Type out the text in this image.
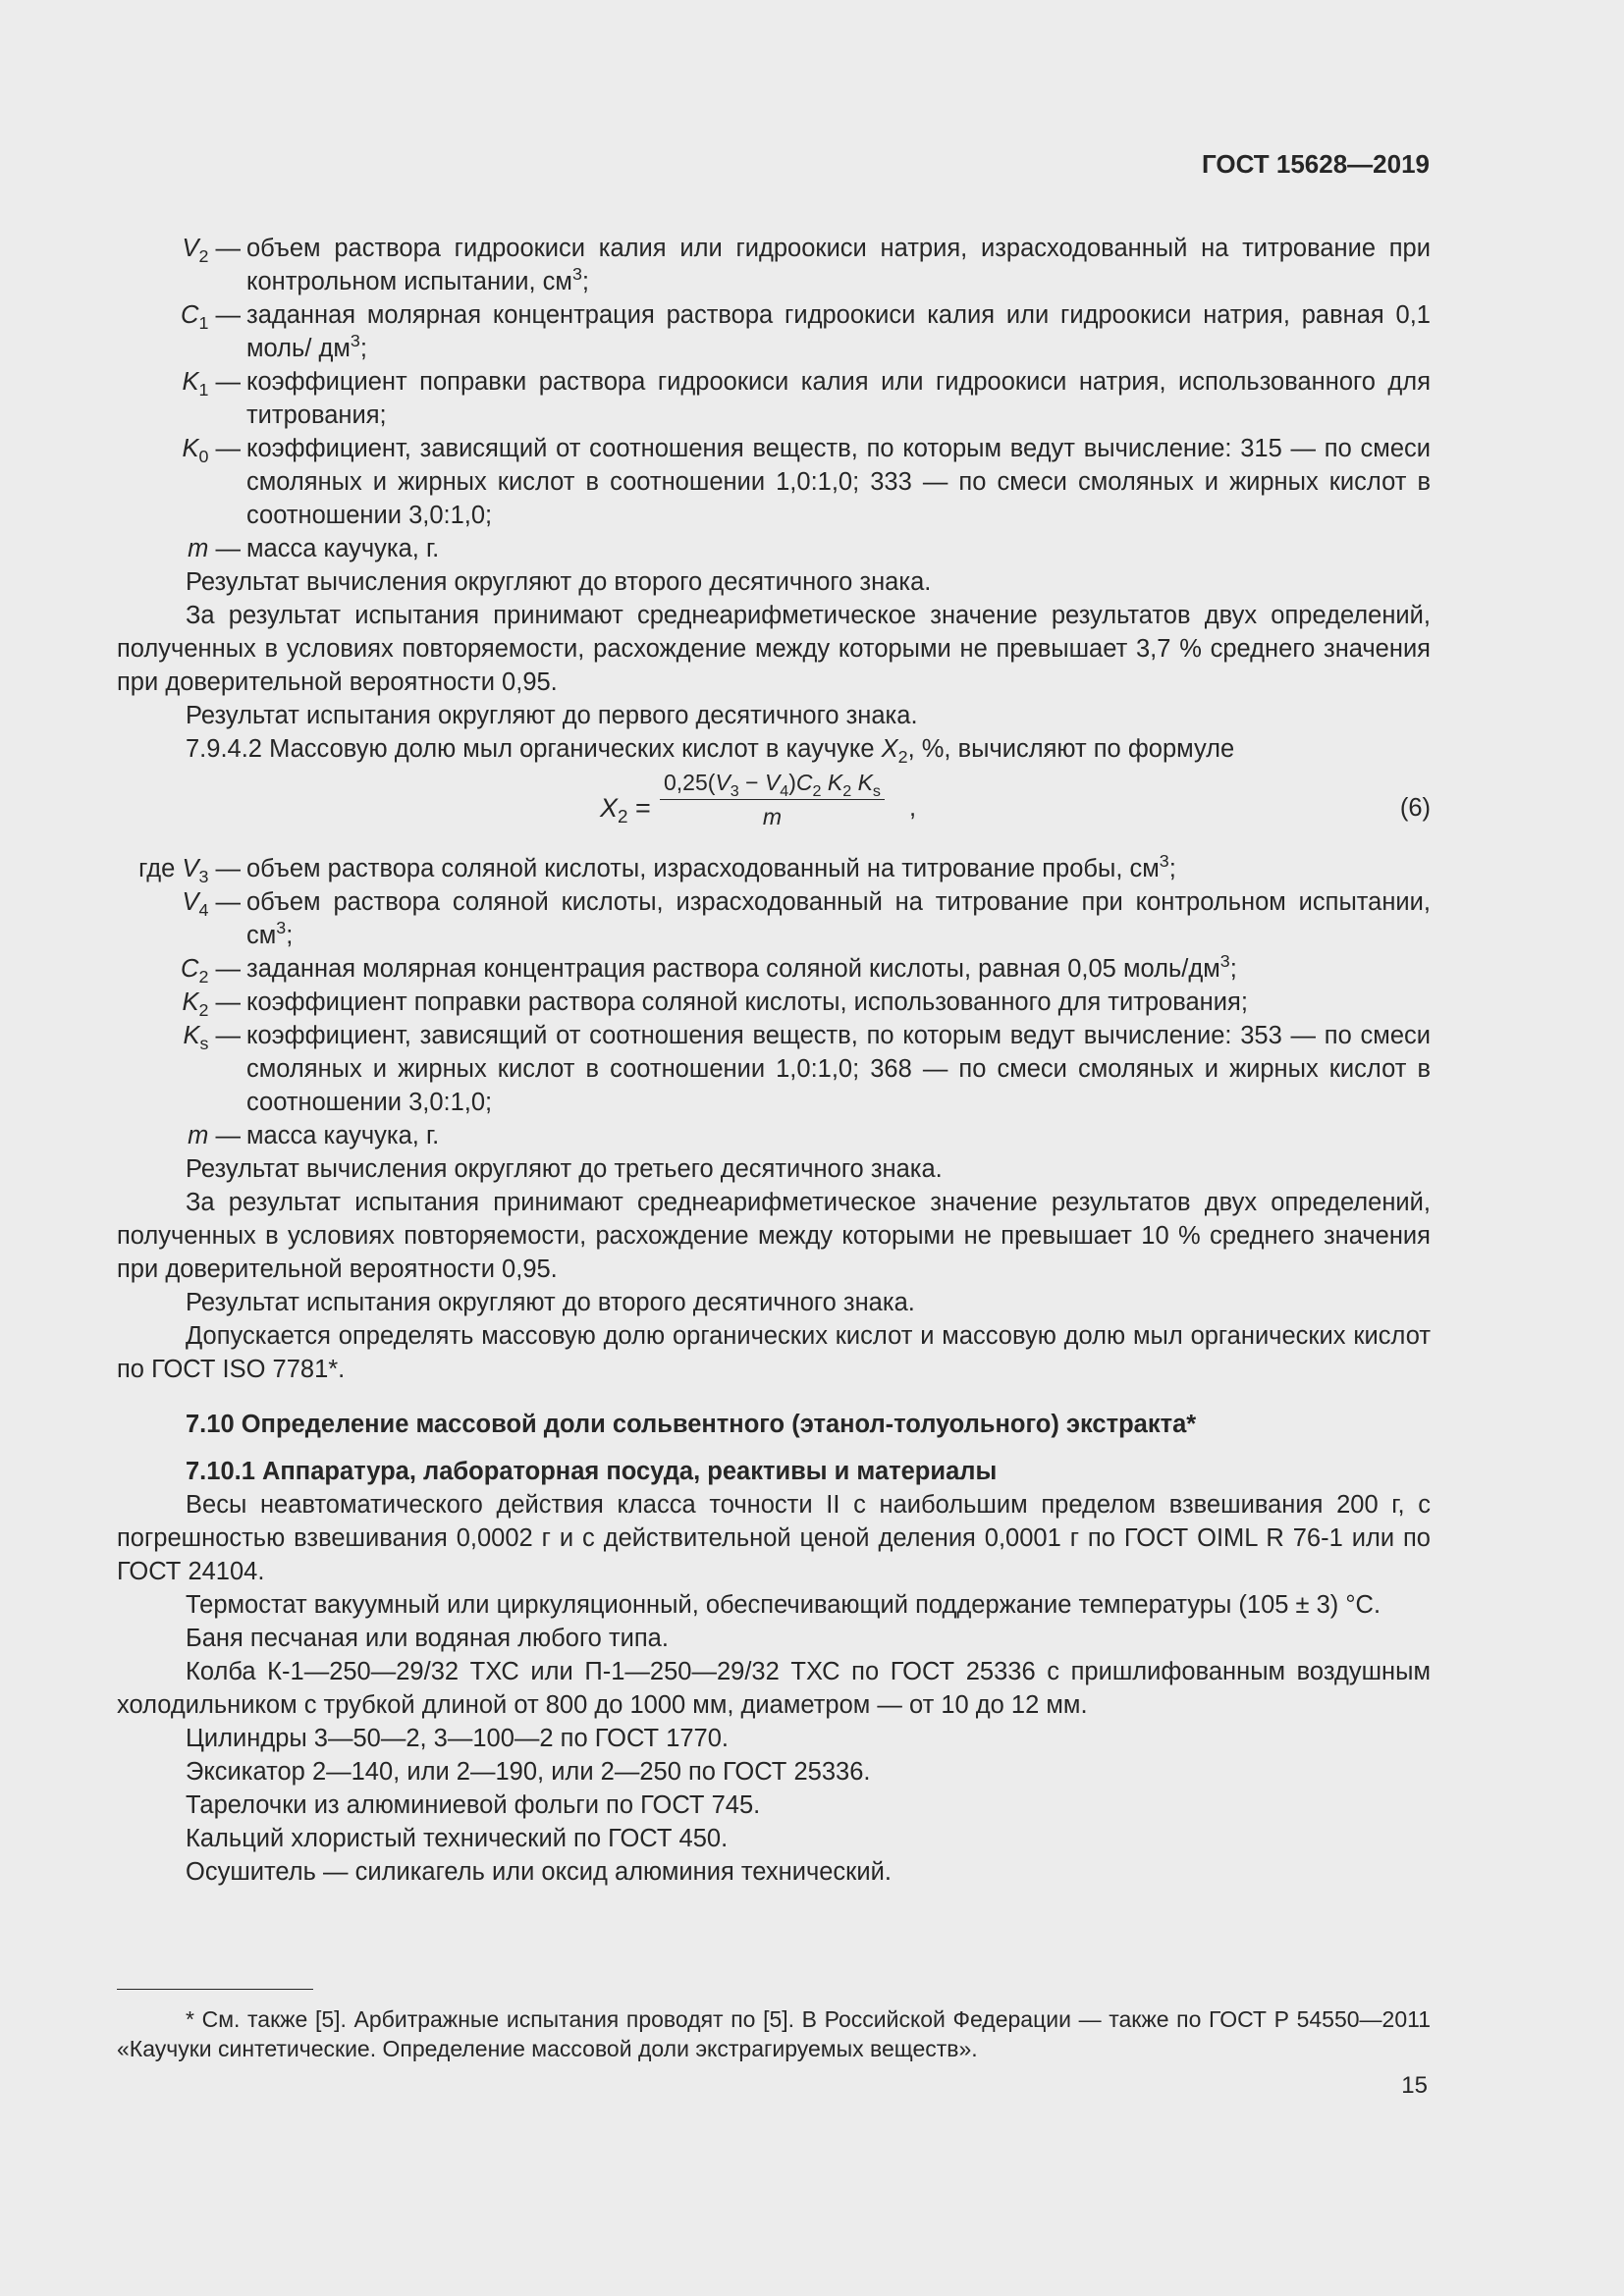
ГОСТ 15628—2019
$V_2$ — объем раствора гидроокиси калия или гидроокиси натрия, израсходованный на титрование при контрольном испытании, $см^3$;
$C_1$ — заданная молярная концентрация раствора гидроокиси калия или гидроокиси натрия, равная 0,1 моль/ $дм^3$;
$K_1$ — коэффициент поправки раствора гидроокиси калия или гидроокиси натрия, использованного для титрования;
$K_0$ — коэффициент, зависящий от соотношения веществ, по которым ведут вычисление: 315 — по смеси смоляных и жирных кислот в соотношении 1,0:1,0; 333 — по смеси смоляных и жирных кислот в соотношении 3,0:1,0;
m — масса каучука, г.
Результат вычисления округляют до второго десятичного знака.
За результат испытания принимают среднеарифметическое значение результатов двух определений, полученных в условиях повторяемости, расхождение между которыми не превышает 3,7 % среднего значения при доверительной вероятности 0,95.
Результат испытания округляют до первого десятичного знака.
7.9.4.2 Массовую долю мыл органических кислот в каучуке $X_2$, %, вычисляют по формуле
$X_2 = \frac{0,25(V_3 - V_4)C_2 K_2 K_s}{m}$ ,	(6)
где $V_3$ — объем раствора соляной кислоты, израсходованный на титрование пробы, $см^3$;
$V_4$ — объем раствора соляной кислоты, израсходованный на титрование при контрольном испытании, $см^3$;
$C_2$ — заданная молярная концентрация раствора соляной кислоты, равная 0,05 моль/$дм^3$;
$K_2$ — коэффициент поправки раствора соляной кислоты, использованного для титрования;
$K_s$ — коэффициент, зависящий от соотношения веществ, по которым ведут вычисление: 353 — по смеси смоляных и жирных кислот в соотношении 1,0:1,0; 368 — по смеси смоляных и жирных кислот в соотношении 3,0:1,0;
m — масса каучука, г.
Результат вычисления округляют до третьего десятичного знака.
За результат испытания принимают среднеарифметическое значение результатов двух определений, полученных в условиях повторяемости, расхождение между которыми не превышает 10 % среднего значения при доверительной вероятности 0,95.
Результат испытания округляют до второго десятичного знака.
Допускается определять массовую долю органических кислот и массовую долю мыл органических кислот по ГОСТ ISO 7781*.
7.10 Определение массовой доли сольвентного (этанол-толуольного) экстракта*
7.10.1 Аппаратура, лабораторная посуда, реактивы и материалы
Весы неавтоматического действия класса точности II с наибольшим пределом взвешивания 200 г, с погрешностью взвешивания 0,0002 г и с действительной ценой деления 0,0001 г по ГОСТ OIML R 76-1 или по ГОСТ 24104.
Термостат вакуумный или циркуляционный, обеспечивающий поддержание температуры (105 ± 3) °С.
Баня песчаная или водяная любого типа.
Колба К-1—250—29/32 ТХС или П-1—250—29/32 ТХС по ГОСТ 25336 с пришлифованным воздушным холодильником с трубкой длиной от 800 до 1000 мм, диаметром — от 10 до 12 мм.
Цилиндры 3—50—2, 3—100—2 по ГОСТ 1770.
Эксикатор 2—140, или 2—190, или 2—250 по ГОСТ 25336.
Тарелочки из алюминиевой фольги по ГОСТ 745.
Кальций хлористый технический по ГОСТ 450.
Осушитель — силикагель или оксид алюминия технический.
* См. также [5]. Арбитражные испытания проводят по [5]. В Российской Федерации — также по ГОСТ Р 54550—2011 «Каучуки синтетические. Определение массовой доли экстрагируемых веществ».
15
